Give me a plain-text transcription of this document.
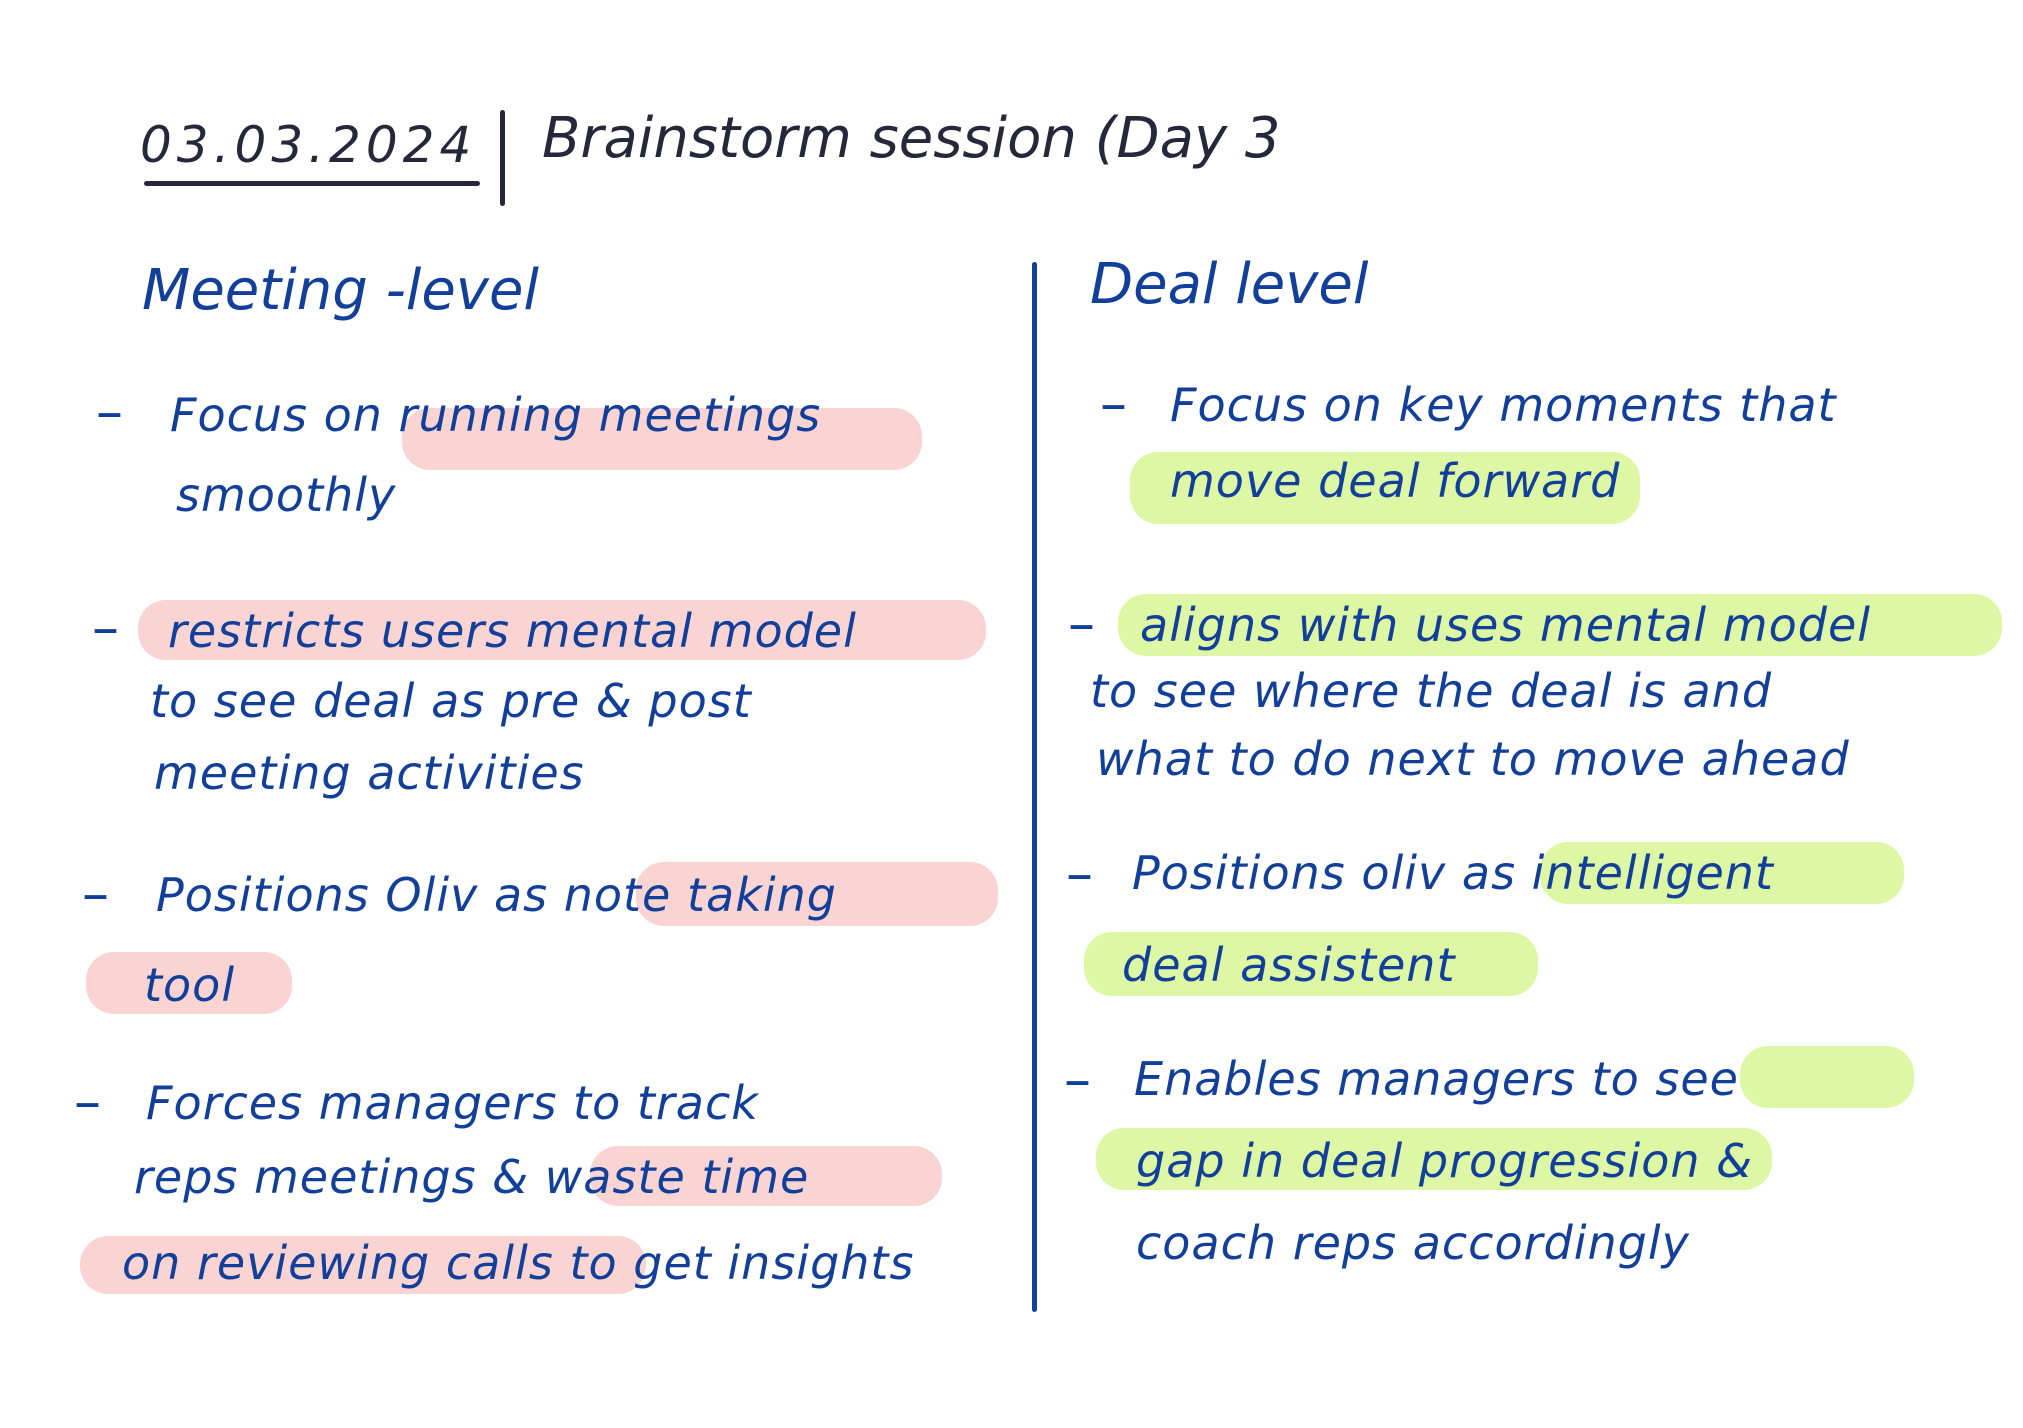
03.03.2024 Brainstorm session (Day 3
Meeting -level	Deal level
– Focus on running meetings
smoothly
– restricts users mental model
to see deal as pre & post
meeting activities
– Positions Oliv as note taking
tool
– Forces managers to track
reps meetings & waste time
on reviewing calls to get insights
– Focus on key moments that
move deal forward
– aligns with uses mental model
to see where the deal is and
what to do next to move ahead
– Positions oliv as intelligent
deal assistent
– Enables managers to see
gap in deal progression &
coach reps accordingly
